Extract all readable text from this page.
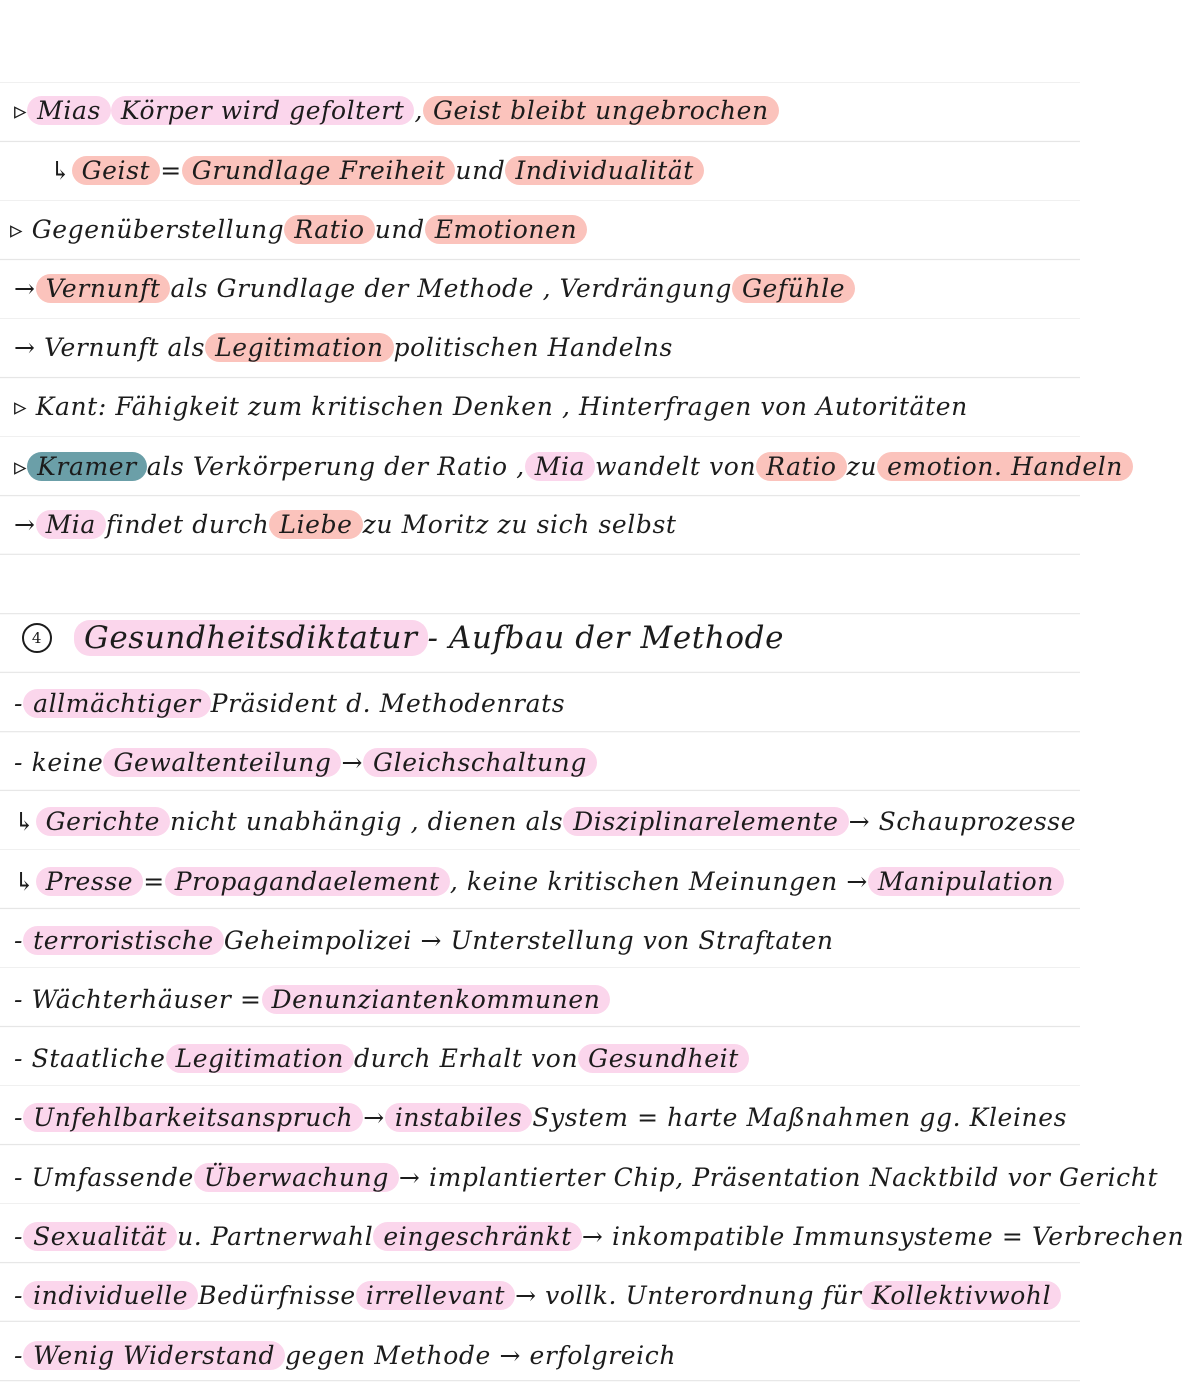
▹ Mias Körper wird gefoltert , Geist bleibt ungebrochen
↳ Geist = Grundlage Freiheit und Individualität
▹ Gegenüberstellung Ratio und Emotionen
→ Vernunft als Grundlage der Methode , Verdrängung Gefühle
→ Vernunft als Legitimation politischen Handelns
▹ Kant: Fähigkeit zum kritischen Denken , Hinterfragen von Autoritäten
▹ Kramer als Verkörperung der Ratio , Mia wandelt von Ratio zu emotion. Handeln
→ Mia findet durch Liebe zu Moritz zu sich selbst
4	Gesundheitsdiktatur - Aufbau der Methode
- allmächtiger Präsident d. Methodenrats
- keine Gewaltenteilung → Gleichschaltung
↳ Gerichte nicht unabhängig , dienen als Disziplinarelemente → Schauprozesse
↳ Presse = Propagandaelement , keine kritischen Meinungen → Manipulation
- terroristische Geheimpolizei → Unterstellung von Straftaten
- Wächterhäuser = Denunziantenkommunen
- Staatliche Legitimation durch Erhalt von Gesundheit
- Unfehlbarkeitsanspruch → instabiles System = harte Maßnahmen gg. Kleines
- Umfassende Überwachung → implantierter Chip, Präsentation Nacktbild vor Gericht
- Sexualität u. Partnerwahl eingeschränkt → inkompatible Immunsysteme = Verbrechen
- individuelle Bedürfnisse irrellevant → vollk. Unterordnung für Kollektivwohl
- Wenig Widerstand gegen Methode → erfolgreich
